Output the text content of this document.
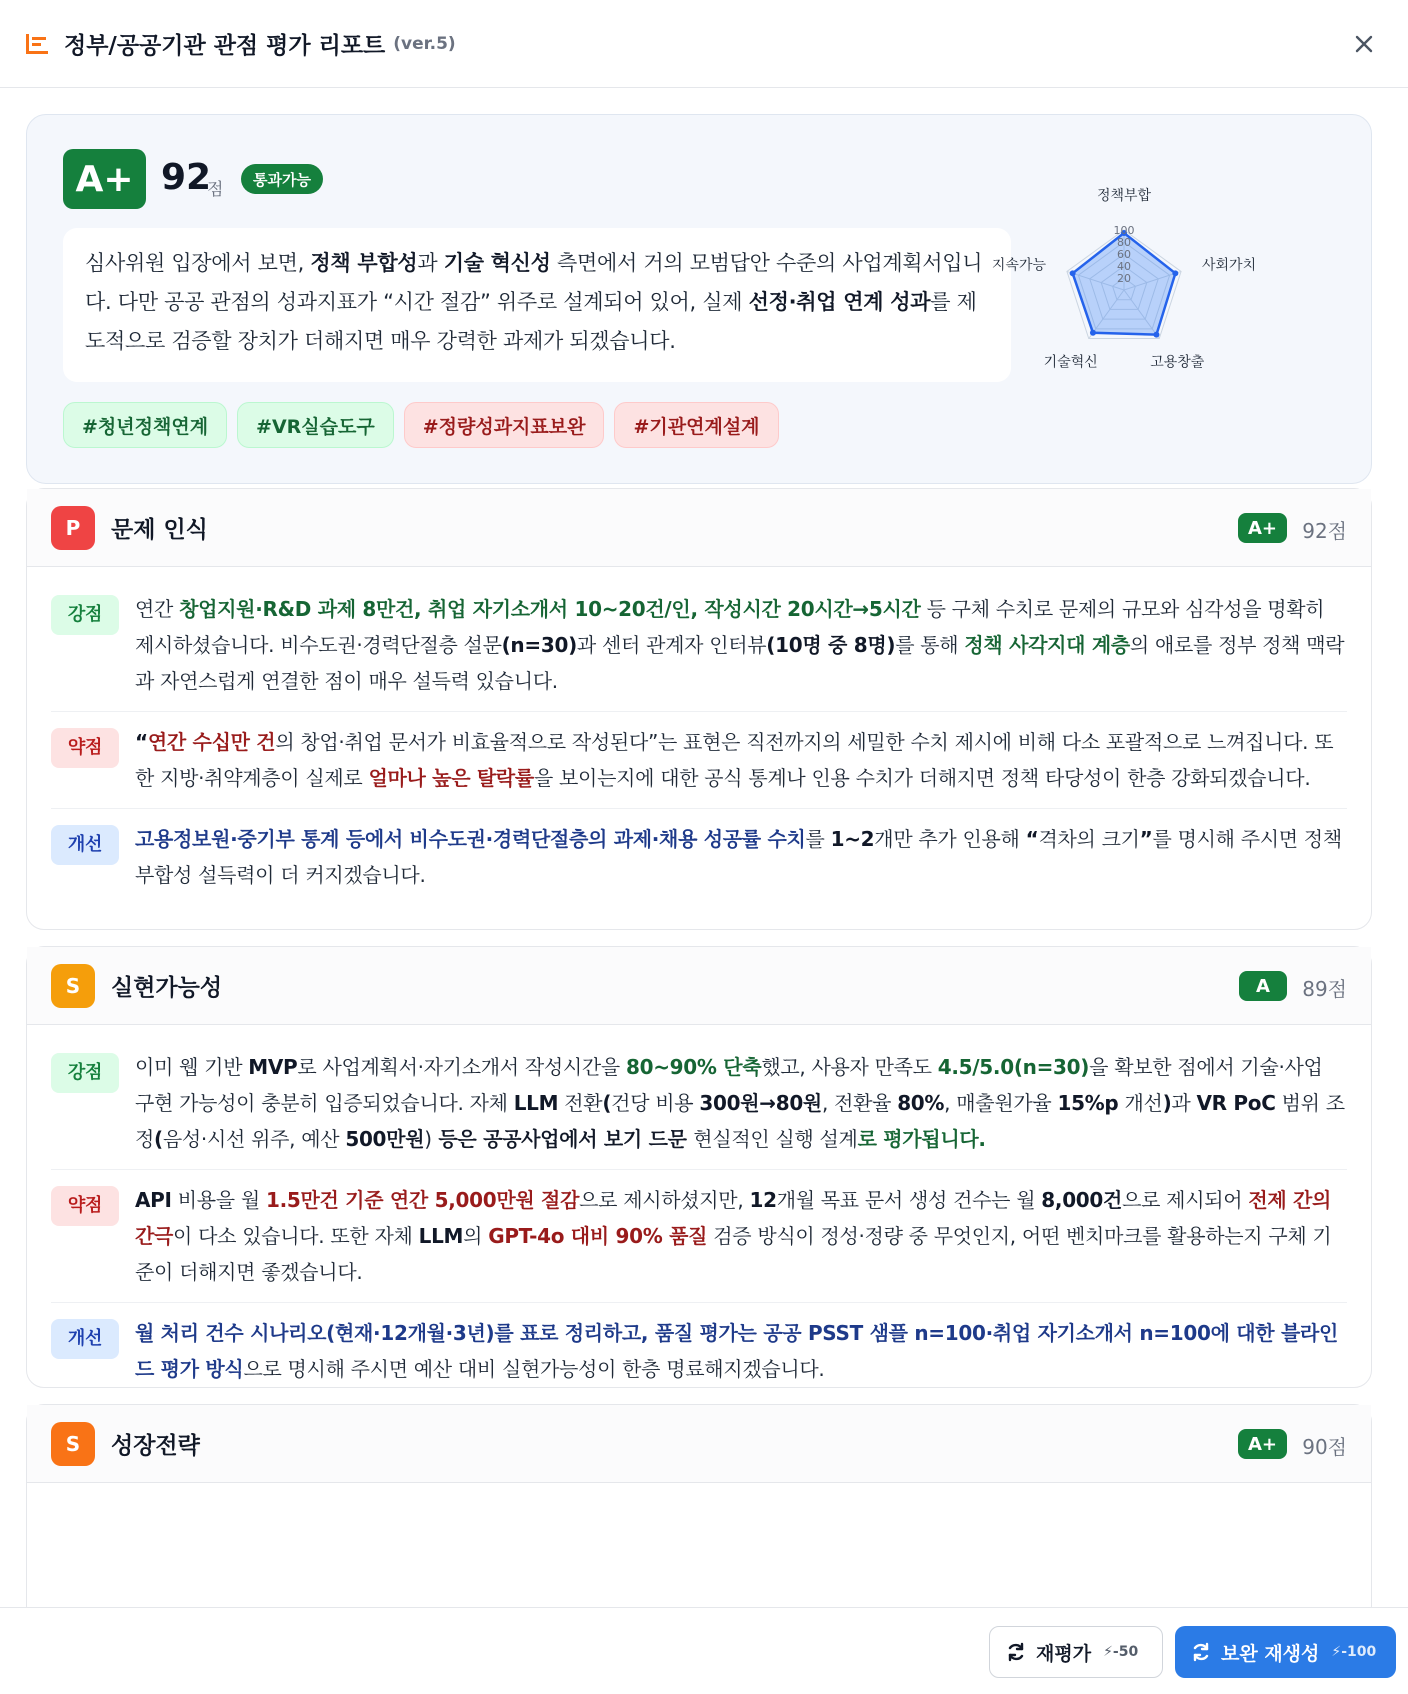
정부/공공기관 관점 평가 리포트 (ver.5)
A+ 92
점
통과가능
심사위원 입장에서 보면, 정책 부합성과 기술 혁신성 측면에서 거의 모범답안 수준의 사업계획서입니다. 다만 공공 관점의 성과지표가 “시간 절감” 위주로 설계되어 있어, 실제 선정·취업 연계 성과를 제도적으로 검증할 장치가 더해지면 매우 강력한 과제가 되겠습니다.
#청년정책연계	#VR실습도구	#정량성과지표보완	#기관연계설계
100
80
60
40
20
정책부합
사회가치
고용창출
기술혁신
지속가능
P	문제 인식	A+	92점
강점	연간 창업지원·R&D 과제 8만건, 취업 자기소개서 10~20건/인, 작성시간 20시간→5시간 등 구체 수치로 문제의 규모와 심각성을 명확히 제시하셨습니다. 비수도권·경력단절층 설문(n=30)과 센터 관계자 인터뷰(10명 중 8명)를 통해 정책 사각지대 계층의 애로를 정부 정책 맥락과 자연스럽게 연결한 점이 매우 설득력 있습니다.
약점	“연간 수십만 건의 창업·취업 문서가 비효율적으로 작성된다”는 표현은 직전까지의 세밀한 수치 제시에 비해 다소 포괄적으로 느껴집니다. 또한 지방·취약계층이 실제로 얼마나 높은 탈락률을 보이는지에 대한 공식 통계나 인용 수치가 더해지면 정책 타당성이 한층 강화되겠습니다.
개선	고용정보원·중기부 통계 등에서 비수도권·경력단절층의 과제·채용 성공률 수치를 1~2개만 추가 인용해 “격차의 크기”를 명시해 주시면 정책 부합성 설득력이 더 커지겠습니다.
S	실현가능성	A	89점
강점	이미 웹 기반 MVP로 사업계획서·자기소개서 작성시간을 80~90% 단축했고, 사용자 만족도 4.5/5.0(n=30)을 확보한 점에서 기술·사업 구현 가능성이 충분히 입증되었습니다. 자체 LLM 전환(건당 비용 300원→80원, 전환율 80%, 매출원가율 15%p 개선)과 VR PoC 범위 조정(음성·시선 위주, 예산 500만원) 등은 공공사업에서 보기 드문 현실적인 실행 설계로 평가됩니다.
약점	API 비용을 월 1.5만건 기준 연간 5,000만원 절감으로 제시하셨지만, 12개월 목표 문서 생성 건수는 월 8,000건으로 제시되어 전제 간의 간극이 다소 있습니다. 또한 자체 LLM의 GPT-4o 대비 90% 품질 검증 방식이 정성·정량 중 무엇인지, 어떤 벤치마크를 활용하는지 구체 기준이 더해지면 좋겠습니다.
개선	월 처리 건수 시나리오(현재·12개월·3년)를 표로 정리하고, 품질 평가는 공공 PSST 샘플 n=100·취업 자기소개서 n=100에 대한 블라인드 평가 방식으로 명시해 주시면 예산 대비 실현가능성이 한층 명료해지겠습니다.
S	성장전략	A+	90점
재평가 ⚡-50	보완 재생성 ⚡-100
